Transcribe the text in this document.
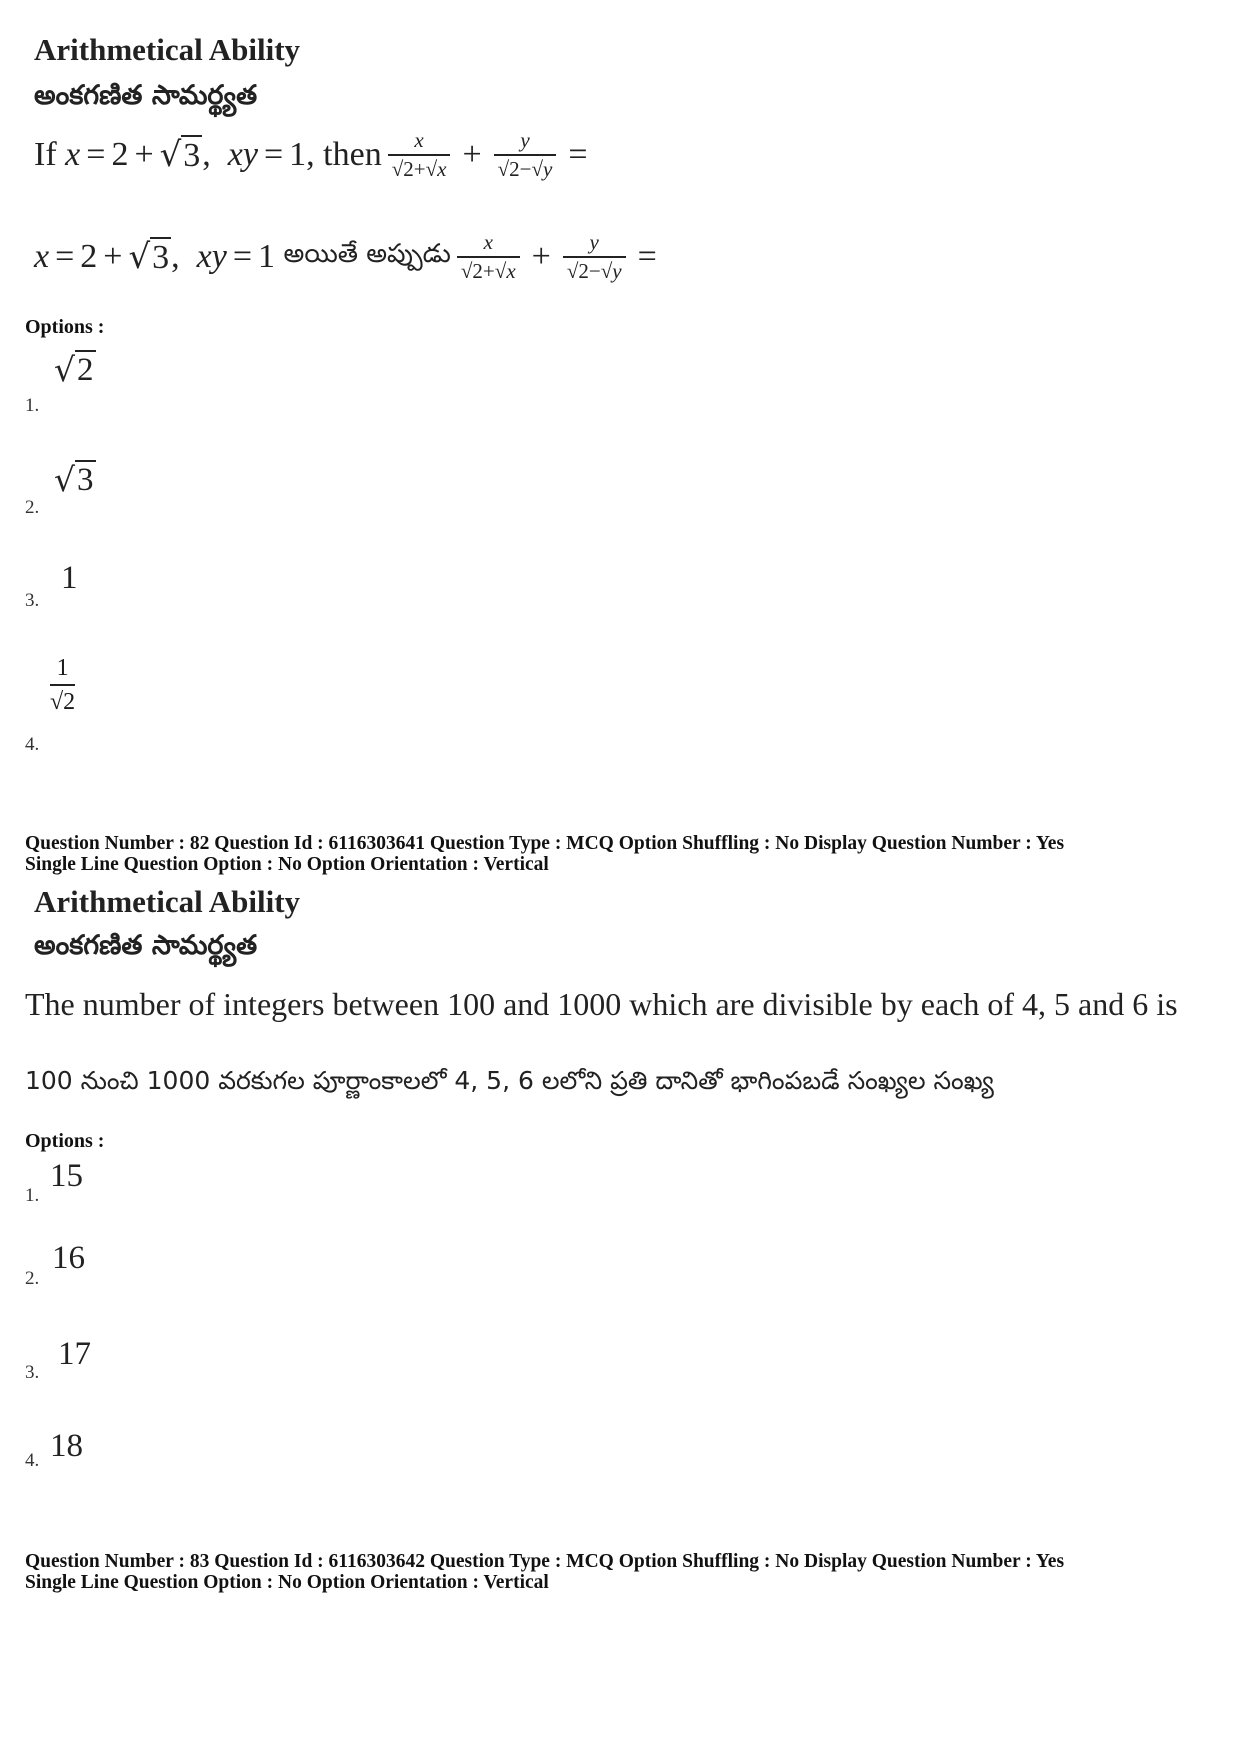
Arithmetical Ability
అంకగణిత సామర్థ్యత
If
x = 2 + √ 3 , xy = 1, then $\frac{x}{√2+√x} + \frac{y}{√2-√y}$ =
x = 2 + √ 3 , xy = 1 అయితే అప్పుడు $\frac{x}{√2+√x} + \frac{y}{√2-√y}$ =
Options :
1.
√ 2
2.
√ 3
3.
1
4.
$\frac{1}{√2}$
Question Number : 82 Question Id : 6116303641 Question Type : MCQ Option Shuffling : No Display Question Number : Yes
Single Line Question Option : No Option Orientation : Vertical
Arithmetical Ability
అంకగణిత సామర్థ్యత
The number of integers between 100 and 1000 which are divisible by each of 4, 5 and 6 is
100 నుంచి 1000 వరకుగల పూర్ణాంకాలలో 4, 5, 6 లలోని ప్రతి దానితో భాగింపబడే సంఖ్యల సంఖ్య
Options :
1.
15
2.
16
3.
17
4. 18
Question Number : 83 Question Id : 6116303642 Question Type : MCQ Option Shuffling : No Display Question Number : Yes
Single Line Question Option : No Option Orientation : Vertical
